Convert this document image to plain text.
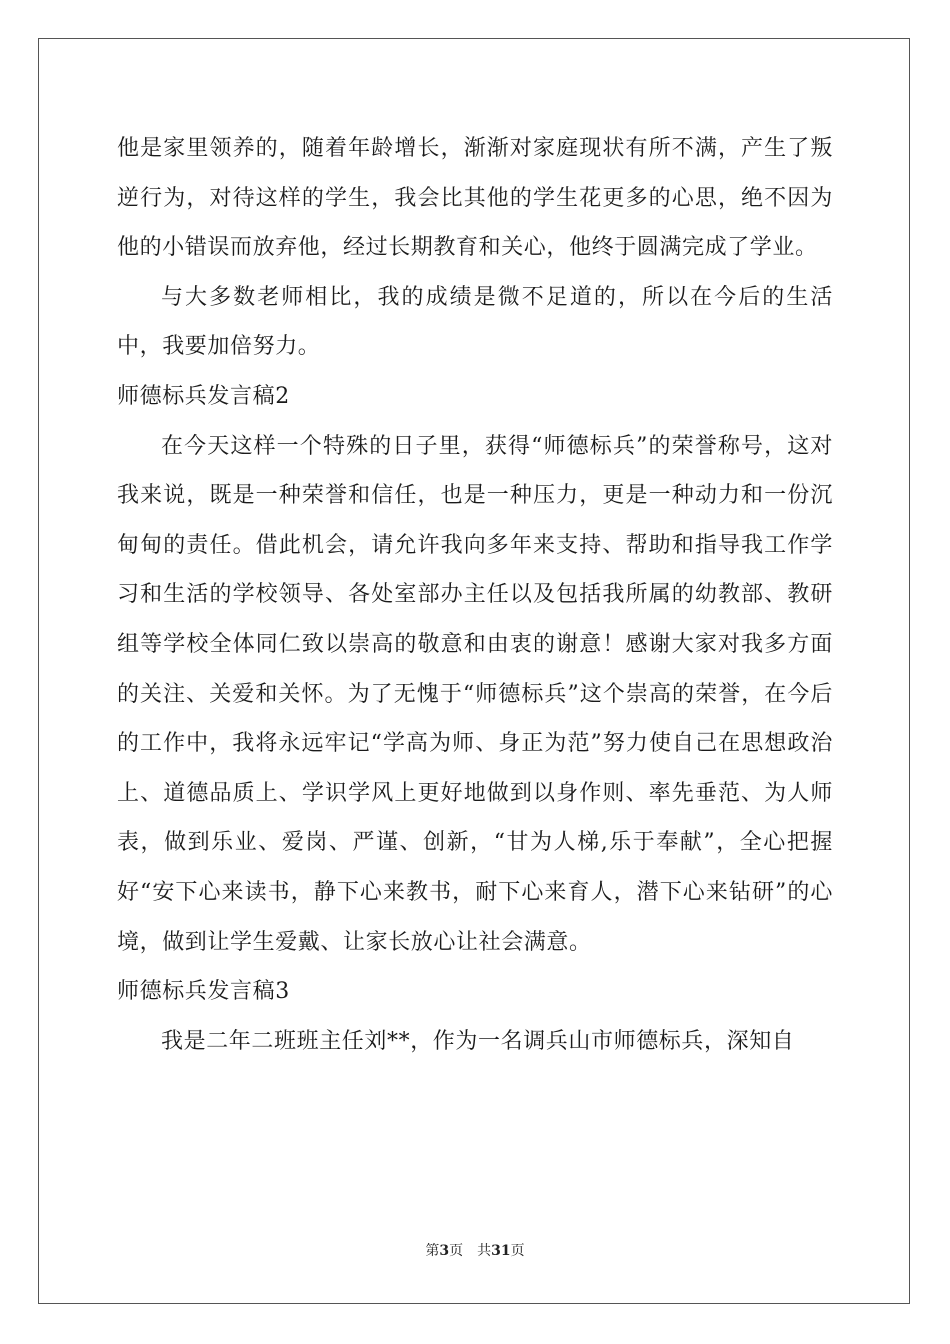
他是家里领养的，随着年龄增长，渐渐对家庭现状有所不满，产生了叛逆行为，对待这样的学生，我会比其他的学生花更多的心思，绝不因为他的小错误而放弃他，经过长期教育和关心，他终于圆满完成了学业。

与大多数老师相比，我的成绩是微不足道的，所以在今后的生活中，我要加倍努力。

师德标兵发言稿2

在今天这样一个特殊的日子里，获得“师德标兵”的荣誉称号，这对我来说，既是一种荣誉和信任，也是一种压力，更是一种动力和一份沉甸甸的责任。借此机会，请允许我向多年来支持、帮助和指导我工作学习和生活的学校领导、各处室部办主任以及包括我所属的幼教部、教研组等学校全体同仁致以崇高的敬意和由衷的谢意！感谢大家对我多方面的关注、关爱和关怀。为了无愧于“师德标兵”这个崇高的荣誉，在今后的工作中，我将永远牢记“学高为师、身正为范”努力使自己在思想政治上、道德品质上、学识学风上更好地做到以身作则、率先垂范、为人师表，做到乐业、爱岗、严谨、创新，“甘为人梯,乐于奉献”，全心把握好“安下心来读书，静下心来教书，耐下心来育人，潜下心来钻研”的心境，做到让学生爱戴、让家长放心让社会满意。

师德标兵发言稿3

我是二年二班班主任刘**，作为一名调兵山市师德标兵，深知自

第3页 共31页
